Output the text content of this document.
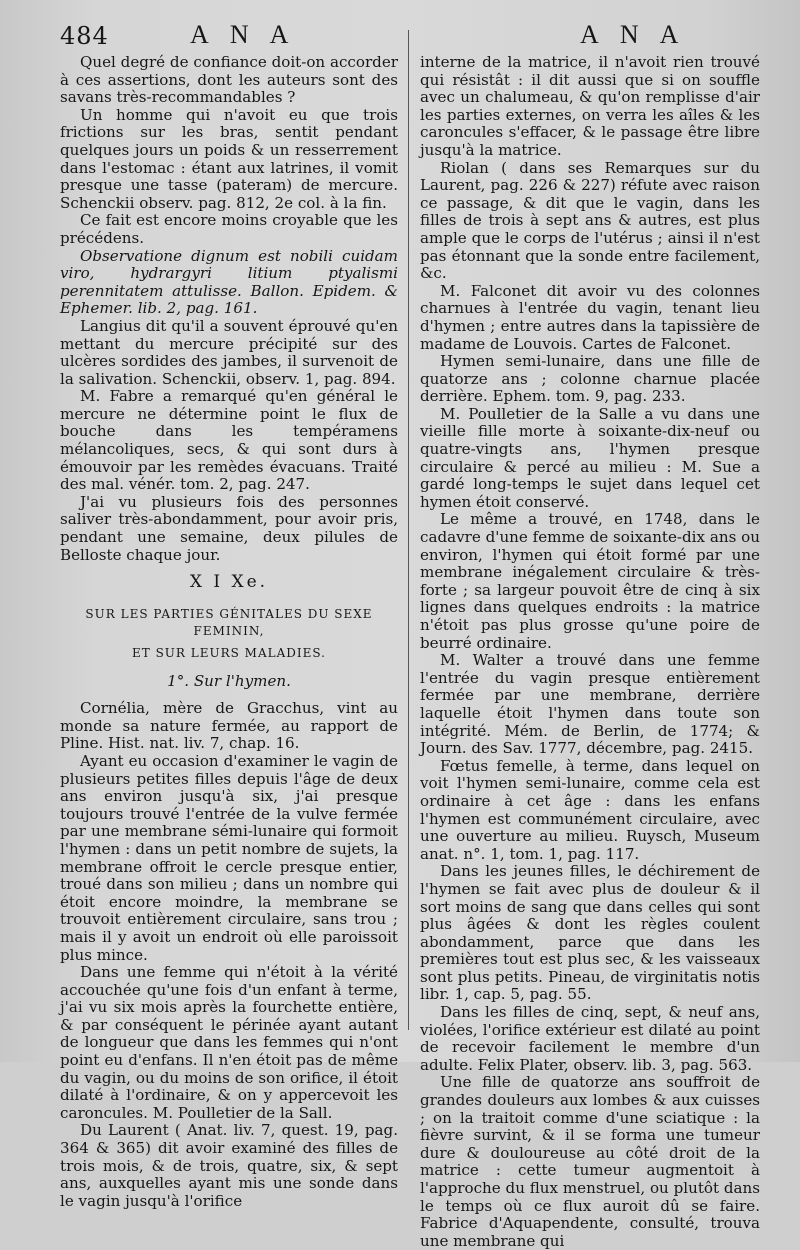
484	A N A	A N A

Quel degré de confiance doit-on accorder à ces assertions, dont les auteurs sont des savans très-recommandables ?

Un homme qui n'avoit eu que trois frictions sur les bras, sentit pendant quelques jours un poids & un resserrement dans l'estomac : étant aux latrines, il vomit presque une tasse (pateram) de mercure. Schenckii observ. pag. 812, 2e col. à la fin.

Ce fait est encore moins croyable que les précédens.

Observatione dignum est nobili cuidam viro, hydrargyri litium ptyalismi perennitatem attulisse. Ballon. Epidem. & Ephemer. lib. 2, pag. 161.

Langius dit qu'il a souvent éprouvé qu'en mettant du mercure précipité sur des ulcères sordides des jambes, il survenoit de la salivation. Schenckii, observ. 1, pag. 894.

M. Fabre a remarqué qu'en général le mercure ne détermine point le flux de bouche dans les tempéramens mélancoliques, secs, & qui sont durs à émouvoir par les remèdes évacuans. Traité des mal. vénér. tom. 2, pag. 247.

J'ai vu plusieurs fois des personnes saliver très-abondamment, pour avoir pris, pendant une semaine, deux pilules de Belloste chaque jour.

X I Xe.

SUR LES PARTIES GÉNITALES DU SEXE FEMININ,

ET SUR LEURS MALADIES.

1°. Sur l'hymen.

Cornélia, mère de Gracchus, vint au monde sa nature fermée, au rapport de Pline. Hist. nat. liv. 7, chap. 16.

Ayant eu occasion d'examiner le vagin de plusieurs petites filles depuis l'âge de deux ans environ jusqu'à six, j'ai presque toujours trouvé l'entrée de la vulve fermée par une membrane sémi-lunaire qui formoit l'hymen : dans un petit nombre de sujets, la membrane offroit le cercle presque entier, troué dans son milieu ; dans un nombre qui étoit encore moindre, la membrane se trouvoit entièrement circulaire, sans trou ; mais il y avoit un endroit où elle paroissoit plus mince.

Dans une femme qui n'étoit à la vérité accouchée qu'une fois d'un enfant à terme, j'ai vu six mois après la fourchette entière, & par conséquent le périnée ayant autant de longueur que dans les femmes qui n'ont point eu d'enfans. Il n'en étoit pas de même du vagin, ou du moins de son orifice, il étoit dilaté à l'ordinaire, & on y appercevoit les caroncules. M. Poulletier de la Sall.

Du Laurent ( Anat. liv. 7, quest. 19, pag. 364 & 365) dit avoir examiné des filles de trois mois, & de trois, quatre, six, & sept ans, auxquelles ayant mis une sonde dans le vagin jusqu'à l'orifice

interne de la matrice, il n'avoit rien trouvé qui résistât : il dit aussi que si on souffle avec un chalumeau, & qu'on remplisse d'air les parties externes, on verra les aîles & les caroncules s'effacer, & le passage être libre jusqu'à la matrice.

Riolan ( dans ses Remarques sur du Laurent, pag. 226 & 227) réfute avec raison ce passage, & dit que le vagin, dans les filles de trois à sept ans & autres, est plus ample que le corps de l'utérus ; ainsi il n'est pas étonnant que la sonde entre facilement, &c.

M. Falconet dit avoir vu des colonnes charnues à l'entrée du vagin, tenant lieu d'hymen ; entre autres dans la tapissière de madame de Louvois. Cartes de Falconet.

Hymen semi-lunaire, dans une fille de quatorze ans ; colonne charnue placée derrière. Ephem. tom. 9, pag. 233.

M. Poulletier de la Salle a vu dans une vieille fille morte à soixante-dix-neuf ou quatre-vingts ans, l'hymen presque circulaire & percé au milieu : M. Sue a gardé long-temps le sujet dans lequel cet hymen étoit conservé.

Le même a trouvé, en 1748, dans le cadavre d'une femme de soixante-dix ans ou environ, l'hymen qui étoit formé par une membrane inégalement circulaire & très-forte ; sa largeur pouvoit être de cinq à six lignes dans quelques endroits : la matrice n'étoit pas plus grosse qu'une poire de beurré ordinaire.

M. Walter a trouvé dans une femme l'entrée du vagin presque entièrement fermée par une membrane, derrière laquelle étoit l'hymen dans toute son intégrité. Mém. de Berlin, de 1774; & Journ. des Sav. 1777, décembre, pag. 2415.

Fœtus femelle, à terme, dans lequel on voit l'hymen semi-lunaire, comme cela est ordinaire à cet âge : dans les enfans l'hymen est communément circulaire, avec une ouverture au milieu. Ruysch, Museum anat. n°. 1, tom. 1, pag. 117.

Dans les jeunes filles, le déchirement de l'hymen se fait avec plus de douleur & il sort moins de sang que dans celles qui sont plus âgées & dont les règles coulent abondamment, parce que dans les premières tout est plus sec, & les vaisseaux sont plus petits. Pineau, de virginitatis notis libr. 1, cap. 5, pag. 55.

Dans les filles de cinq, sept, & neuf ans, violées, l'orifice extérieur est dilaté au point de recevoir facilement le membre d'un adulte. Felix Plater, observ. lib. 3, pag. 563.

Une fille de quatorze ans souffroit de grandes douleurs aux lombes & aux cuisses ; on la traitoit comme d'une sciatique : la fièvre survint, & il se forma une tumeur dure & douloureuse au côté droit de la matrice : cette tumeur augmentoit à l'approche du flux menstruel, ou plutôt dans le temps où ce flux auroit dû se faire. Fabrice d'Aquapendente, consulté, trouva une membrane qui
